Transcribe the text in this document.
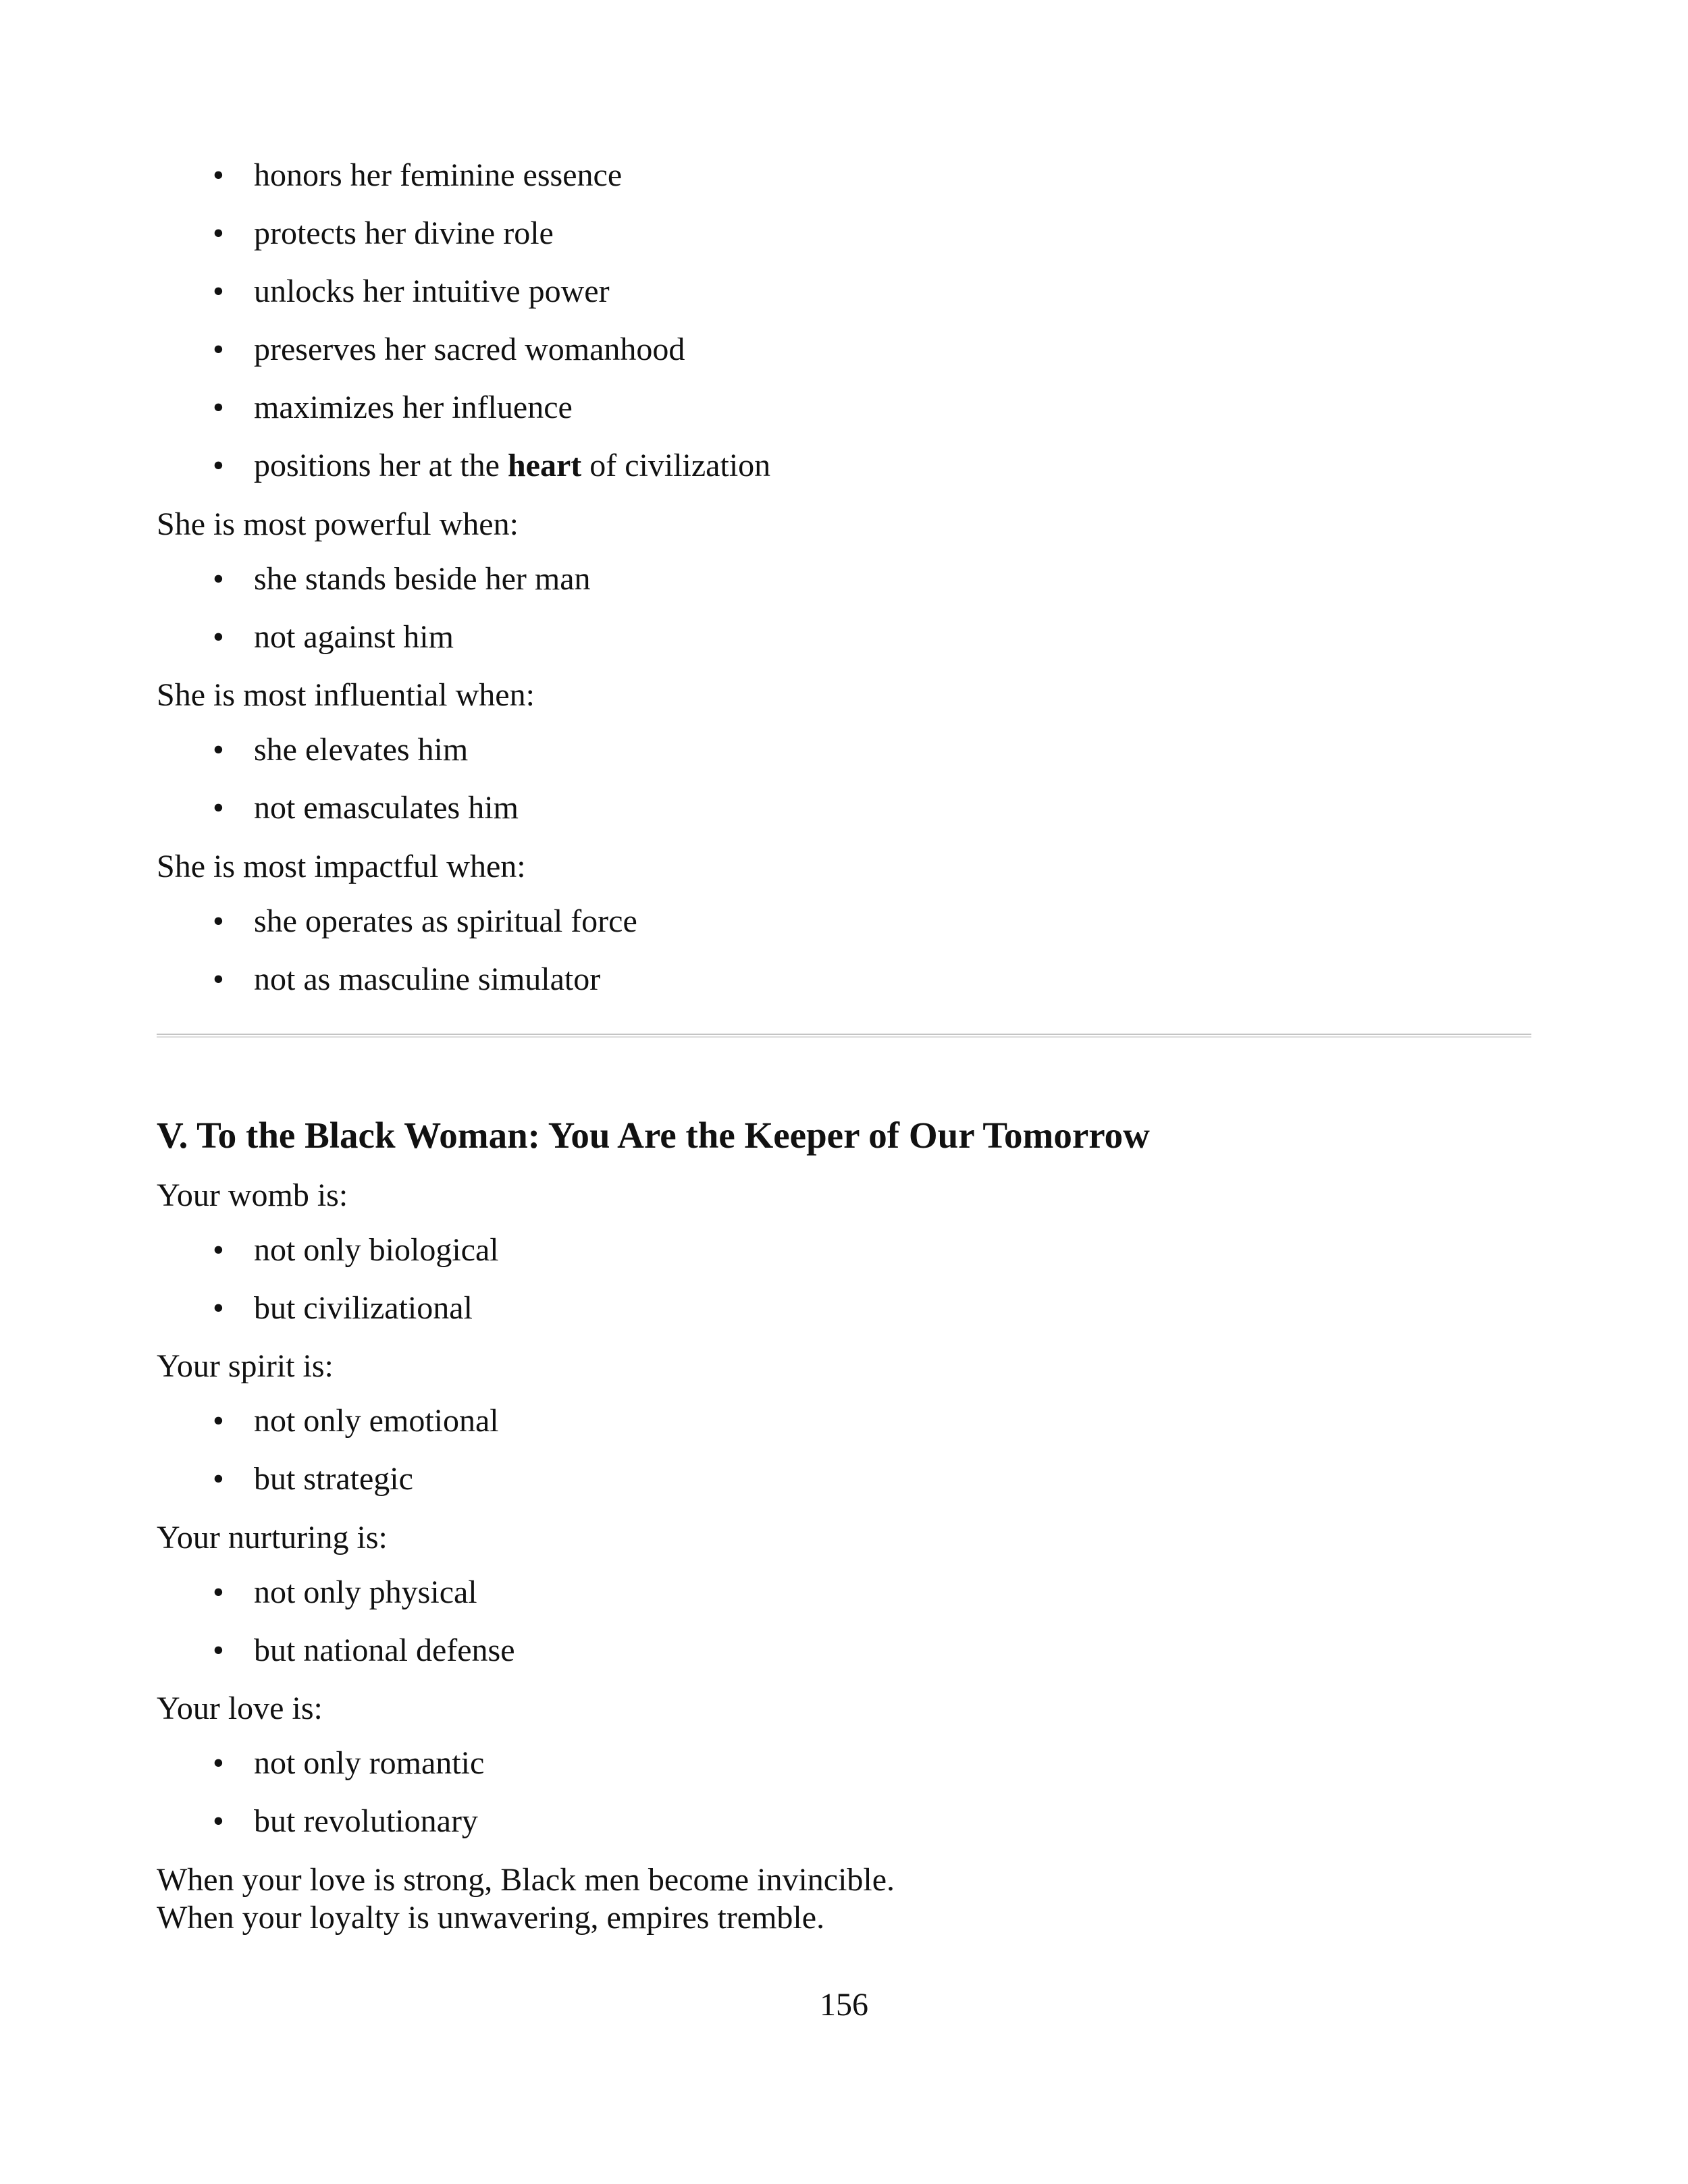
• honors her feminine essence
• protects her divine role
• unlocks her intuitive power
• preserves her sacred womanhood
• maximizes her influence
• positions her at the heart of civilization
She is most powerful when:
• she stands beside her man
• not against him
She is most influential when:
• she elevates him
• not emasculates him
She is most impactful when:
• she operates as spiritual force
• not as masculine simulator
V. To the Black Woman: You Are the Keeper of Our Tomorrow
Your womb is:
• not only biological
• but civilizational
Your spirit is:
• not only emotional
• but strategic
Your nurturing is:
• not only physical
• but national defense
Your love is:
• not only romantic
• but revolutionary
When your love is strong, Black men become invincible.
When your loyalty is unwavering, empires tremble.
156
